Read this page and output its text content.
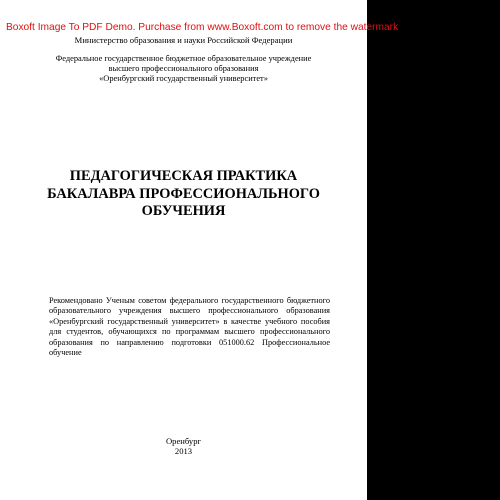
Министерство образования и науки Российской Федерации
Федеральное государственное бюджетное образовательное учреждение
высшего профессионального образования
«Оренбургский государственный университет»
ПЕДАГОГИЧЕСКАЯ ПРАКТИКА
БАКАЛАВРА ПРОФЕССИОНАЛЬНОГО
ОБУЧЕНИЯ
Рекомендовано Ученым советом федерального государственного бюджетного
образовательного учреждения высшего профессионального образования
«Оренбургский государственный университет» в качестве учебного пособия
для студентов, обучающихся по программам высшего профессионального
образования по направлению подготовки 051000.62 Профессиональное
обучение
Оренбург
2013
Boxoft Image To PDF Demo. Purchase from www.Boxoft.com to remove the watermark
